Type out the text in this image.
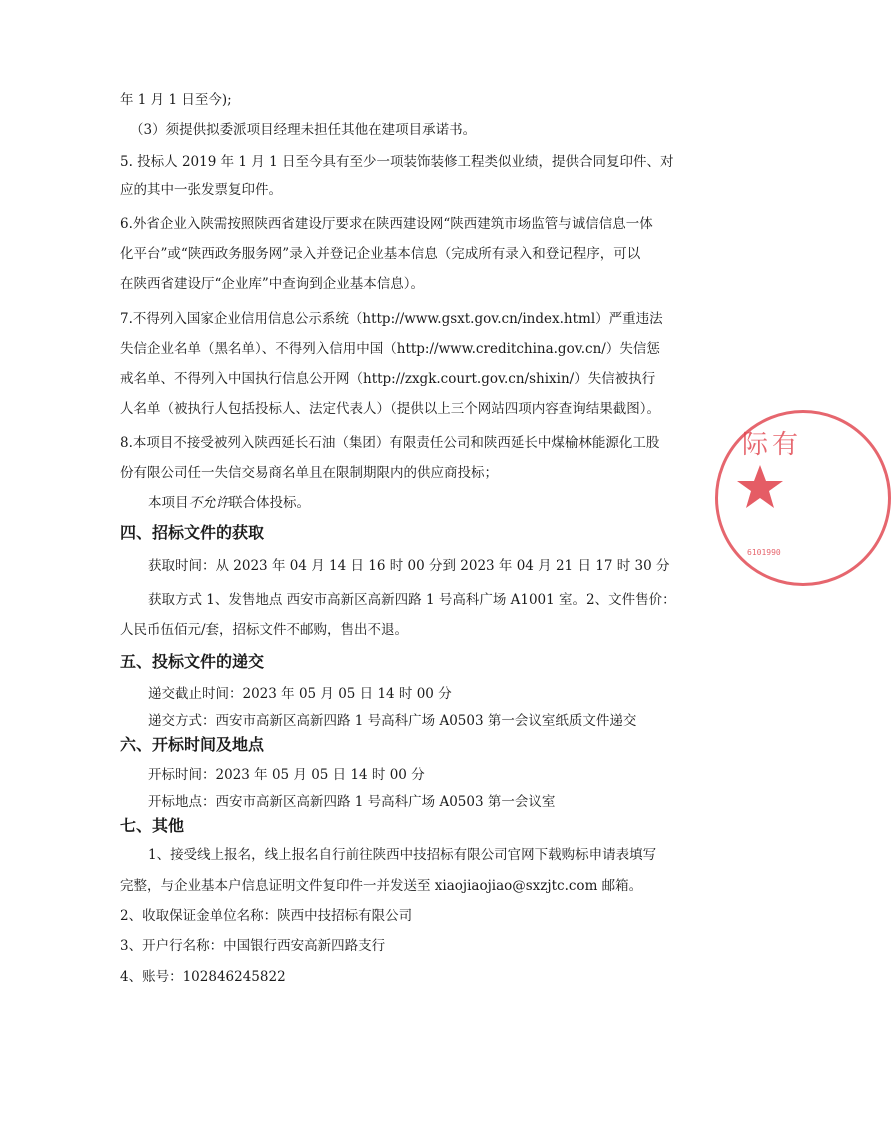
年 1 月 1 日至今);
（3）须提供拟委派项目经理未担任其他在建项目承诺书。
5. 投标人 2019 年 1 月 1 日至今具有至少一项装饰装修工程类似业绩，提供合同复印件、对
应的其中一张发票复印件。
6.外省企业入陕需按照陕西省建设厅要求在陕西建设网“陕西建筑市场监管与诚信信息一体
化平台”或“陕西政务服务网”录入并登记企业基本信息（完成所有录入和登记程序，可以
在陕西省建设厅“企业库”中查询到企业基本信息）。
7.不得列入国家企业信用信息公示系统（http://www.gsxt.gov.cn/index.html）严重违法
失信企业名单（黑名单）、不得列入信用中国（http://www.creditchina.gov.cn/）失信惩
戒名单、不得列入中国执行信息公开网（http://zxgk.court.gov.cn/shixin/）失信被执行
人名单（被执行人包括投标人、法定代表人）（提供以上三个网站四项内容查询结果截图）。
8.本项目不接受被列入陕西延长石油（集团）有限责任公司和陕西延长中煤榆林能源化工股
份有限公司任一失信交易商名单且在限制期限内的供应商投标；
本项目不允许联合体投标。
四、招标文件的获取
获取时间：从 2023 年 04 月 14 日 16 时 00 分到 2023 年 04 月 21 日 17 时 30 分
获取方式 1、发售地点 西安市高新区高新四路 1 号高科广场 A1001 室。2、文件售价：
人民币伍佰元/套，招标文件不邮购，售出不退。
五、投标文件的递交
递交截止时间：2023 年 05 月 05 日 14 时 00 分
递交方式：西安市高新区高新四路 1 号高科广场 A0503 第一会议室纸质文件递交
六、开标时间及地点
开标时间：2023 年 05 月 05 日 14 时 00 分
开标地点：西安市高新区高新四路 1 号高科广场 A0503 第一会议室
七、其他
1、接受线上报名，线上报名自行前往陕西中技招标有限公司官网下载购标申请表填写
完整，与企业基本户信息证明文件复印件一并发送至 xiaojiaojiao@sxzjtc.com 邮箱。
2、收取保证金单位名称：陕西中技招标有限公司
3、开户行名称：中国银行西安高新四路支行
4、账号：102846245822
际有
6101990
